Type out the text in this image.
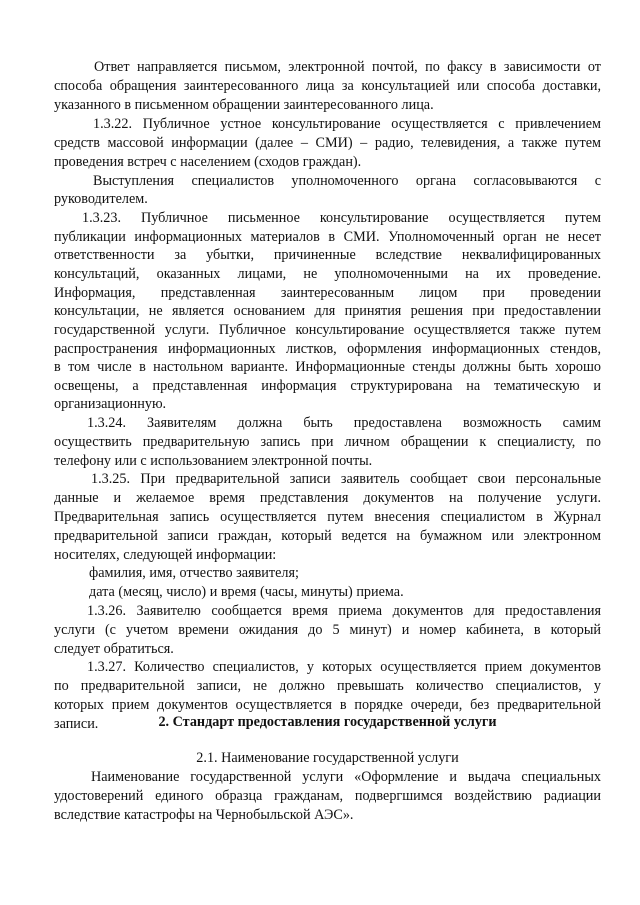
Ответ направляется письмом, электронной почтой, по факсу в зависимости от
способа обращения заинтересованного лица за консультацией или способа доставки,
указанного в письменном обращении заинтересованного лица.
1.3.22. Публичное устное консультирование осуществляется с привлечением
средств массовой информации (далее – СМИ) – радио, телевидения, а также путем
проведения встреч с населением (сходов граждан).
Выступления специалистов уполномоченного органа согласовываются с
руководителем.
1.3.23. Публичное письменное консультирование осуществляется путем
публикации информационных материалов в СМИ. Уполномоченный орган не несет
ответственности за убытки, причиненные вследствие неквалифицированных
консультаций, оказанных лицами, не уполномоченными на их проведение.
Информация, представленная заинтересованным лицом при проведении
консультации, не является основанием для принятия решения при предоставлении
государственной услуги. Публичное консультирование осуществляется также путем
распространения информационных листков, оформления информационных стендов,
в том числе в настольном варианте. Информационные стенды должны быть хорошо
освещены, а представленная информация структурирована на тематическую и
организационную.
1.3.24. Заявителям должна быть предоставлена возможность самим
осуществить предварительную запись при личном обращении к специалисту, по
телефону или с использованием электронной почты.
1.3.25. При предварительной записи заявитель сообщает свои персональные
данные и желаемое время представления документов на получение услуги.
Предварительная запись осуществляется путем внесения специалистом в Журнал
предварительной записи граждан, который ведется на бумажном или электронном
носителях, следующей информации:
фамилия, имя, отчество заявителя;
дата (месяц, число) и время (часы, минуты) приема.
1.3.26. Заявителю сообщается время приема документов для предоставления
услуги (с учетом времени ожидания до 5 минут) и номер кабинета, в который
следует обратиться.
1.3.27. Количество специалистов, у которых осуществляется прием документов
по предварительной записи, не должно превышать количество специалистов, у
которых прием документов осуществляется в порядке очереди, без предварительной
записи.	2. Стандарт предоставления государственной услуги
2.1. Наименование государственной услуги
Наименование государственной услуги «Оформление и выдача специальных
удостоверений единого образца гражданам, подвергшимся воздействию радиации
вследствие катастрофы на Чернобыльской АЭС».
